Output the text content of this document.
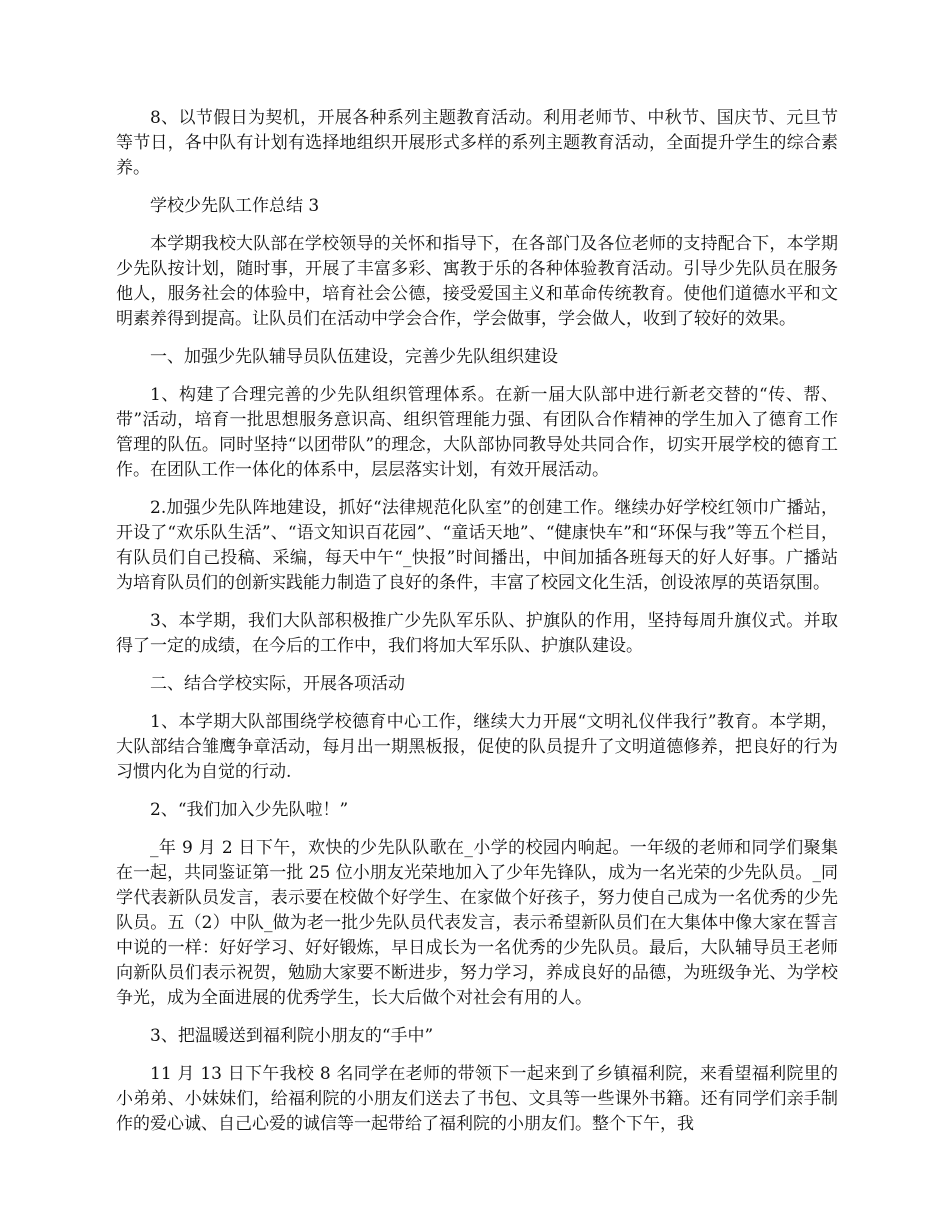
8、以节假日为契机，开展各种系列主题教育活动。利用老师节、中秋节、国庆节、元旦节等节日，各中队有计划有选择地组织开展形式多样的系列主题教育活动，全面提升学生的综合素养。

学校少先队工作总结 3

本学期我校大队部在学校领导的关怀和指导下，在各部门及各位老师的支持配合下，本学期少先队按计划，随时事，开展了丰富多彩、寓教于乐的各种体验教育活动。引导少先队员在服务他人，服务社会的体验中，培育社会公德，接受爱国主义和革命传统教育。使他们道德水平和文明素养得到提高。让队员们在活动中学会合作，学会做事，学会做人，收到了较好的效果。

一、加强少先队辅导员队伍建设，完善少先队组织建设

1、构建了合理完善的少先队组织管理体系。在新一届大队部中进行新老交替的“传、帮、带”活动，培育一批思想服务意识高、组织管理能力强、有团队合作精神的学生加入了德育工作管理的队伍。同时坚持“以团带队”的理念，大队部协同教导处共同合作，切实开展学校的德育工作。在团队工作一体化的体系中，层层落实计划，有效开展活动。

2.加强少先队阵地建设，抓好“法律规范化队室”的创建工作。继续办好学校红领巾广播站，开设了“欢乐队生活”、“语文知识百花园”、“童话天地”、“健康快车”和“环保与我”等五个栏目，有队员们自己投稿、采编，每天中午“_快报”时间播出，中间加插各班每天的好人好事。广播站为培育队员们的创新实践能力制造了良好的条件，丰富了校园文化生活，创设浓厚的英语氛围。

3、本学期，我们大队部积极推广少先队军乐队、护旗队的作用，坚持每周升旗仪式。并取得了一定的成绩，在今后的工作中，我们将加大军乐队、护旗队建设。

二、结合学校实际，开展各项活动

1、本学期大队部围绕学校德育中心工作，继续大力开展“文明礼仪伴我行”教育。本学期，大队部结合雏鹰争章活动，每月出一期黑板报，促使的队员提升了文明道德修养，把良好的行为习惯内化为自觉的行动.

2、“我们加入少先队啦！”

_年 9 月 2 日下午，欢快的少先队队歌在_小学的校园内响起。一年级的老师和同学们聚集在一起，共同鉴证第一批 25 位小朋友光荣地加入了少年先锋队，成为一名光荣的少先队员。_同学代表新队员发言，表示要在校做个好学生、在家做个好孩子，努力使自己成为一名优秀的少先队员。五（2）中队_做为老一批少先队员代表发言，表示希望新队员们在大集体中像大家在誓言中说的一样：好好学习、好好锻炼，早日成长为一名优秀的少先队员。最后，大队辅导员王老师向新队员们表示祝贺，勉励大家要不断进步，努力学习，养成良好的品德，为班级争光、为学校争光，成为全面进展的优秀学生，长大后做个对社会有用的人。

3、把温暖送到福利院小朋友的“手中”

11 月 13 日下午我校 8 名同学在老师的带领下一起来到了乡镇福利院，来看望福利院里的小弟弟、小妹妹们，给福利院的小朋友们送去了书包、文具等一些课外书籍。还有同学们亲手制作的爱心诚、自己心爱的诚信等一起带给了福利院的小朋友们。整个下午，我
